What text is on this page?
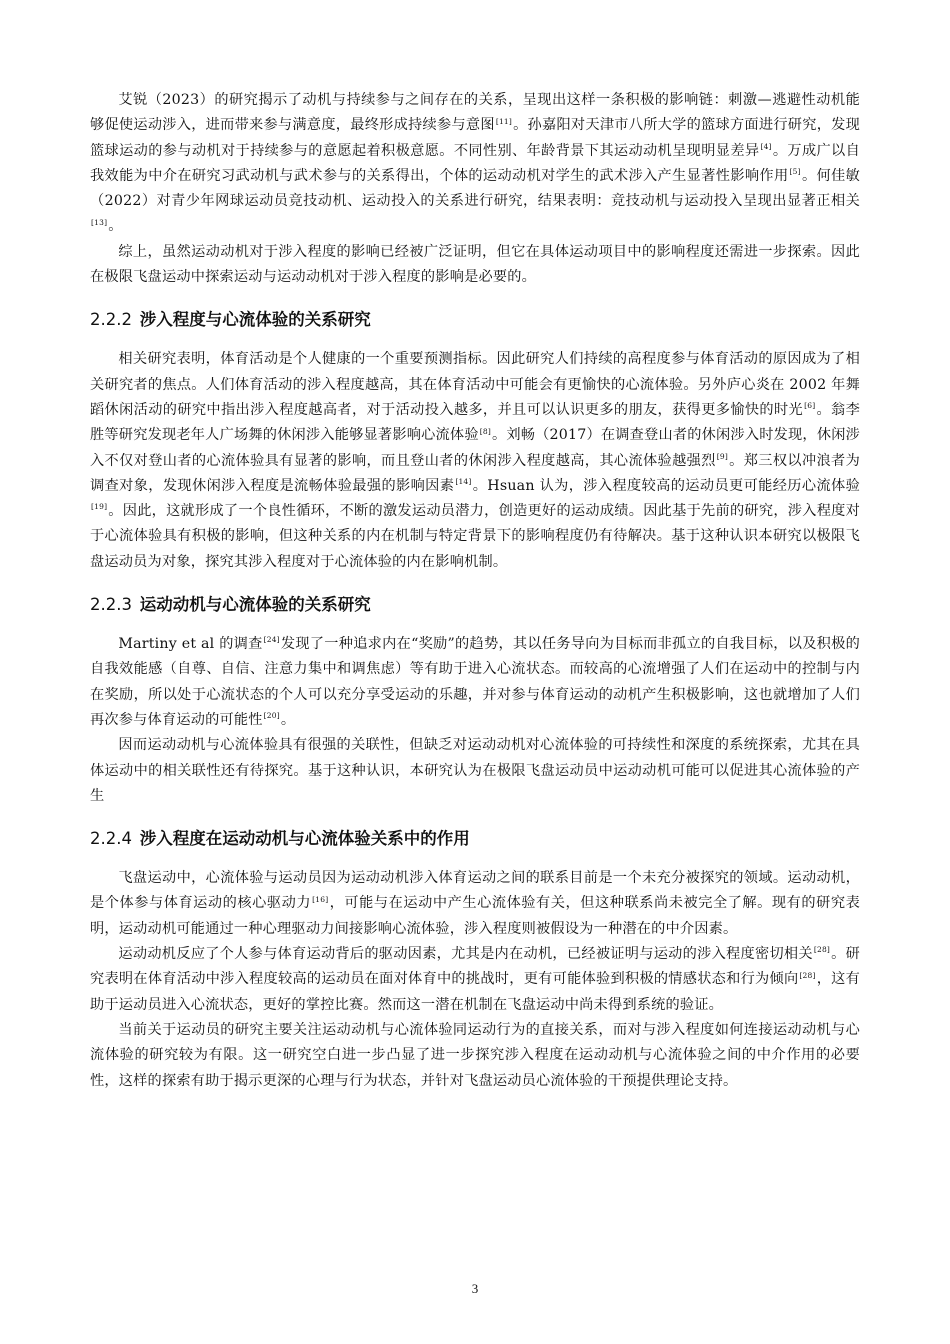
艾锐（2023）的研究揭示了动机与持续参与之间存在的关系，呈现出这样一条积极的影响链：刺激—逃避性动机能够促使运动涉入，进而带来参与满意度，最终形成持续参与意图[11]。孙嘉阳对天津市八所大学的篮球方面进行研究，发现篮球运动的参与动机对于持续参与的意愿起着积极意愿。不同性别、年龄背景下其运动动机呈现明显差异[4]。万成广以自我效能为中介在研究习武动机与武术参与的关系得出，个体的运动动机对学生的武术涉入产生显著性影响作用[5]。何佳敏（2022）对青少年网球运动员竞技动机、运动投入的关系进行研究，结果表明：竞技动机与运动投入呈现出显著正相关[13]。

综上，虽然运动动机对于涉入程度的影响已经被广泛证明，但它在具体运动项目中的影响程度还需进一步探索。因此在极限飞盘运动中探索运动与运动动机对于涉入程度的影响是必要的。

2.2.2 涉入程度与心流体验的关系研究

相关研究表明，体育活动是个人健康的一个重要预测指标。因此研究人们持续的高程度参与体育活动的原因成为了相关研究者的焦点。人们体育活动的涉入程度越高，其在体育活动中可能会有更愉快的心流体验。另外庐心炎在 2002 年舞蹈休闲活动的研究中指出涉入程度越高者，对于活动投入越多，并且可以认识更多的朋友，获得更多愉快的时光[6]。翁李胜等研究发现老年人广场舞的休闲涉入能够显著影响心流体验[8]。刘畅（2017）在调查登山者的休闲涉入时发现，休闲涉入不仅对登山者的心流体验具有显著的影响，而且登山者的休闲涉入程度越高，其心流体验越强烈[9]。郑三权以冲浪者为调查对象，发现休闲涉入程度是流畅体验最强的影响因素[14]。Hsuan 认为，涉入程度较高的运动员更可能经历心流体验[19]。因此，这就形成了一个良性循环，不断的激发运动员潜力，创造更好的运动成绩。因此基于先前的研究，涉入程度对于心流体验具有积极的影响，但这种关系的内在机制与特定背景下的影响程度仍有待解决。基于这种认识本研究以极限飞盘运动员为对象，探究其涉入程度对于心流体验的内在影响机制。

2.2.3 运动动机与心流体验的关系研究

Martiny et al 的调查[24]发现了一种追求内在“奖励”的趋势，其以任务导向为目标而非孤立的自我目标，以及积极的自我效能感（自尊、自信、注意力集中和调焦虑）等有助于进入心流状态。而较高的心流增强了人们在运动中的控制与内在奖励，所以处于心流状态的个人可以充分享受运动的乐趣，并对参与体育运动的动机产生积极影响，这也就增加了人们再次参与体育运动的可能性[20]。

因而运动动机与心流体验具有很强的关联性，但缺乏对运动动机对心流体验的可持续性和深度的系统探索，尤其在具体运动中的相关联性还有待探究。基于这种认识，本研究认为在极限飞盘运动员中运动动机可能可以促进其心流体验的产生

2.2.4 涉入程度在运动动机与心流体验关系中的作用

飞盘运动中，心流体验与运动员因为运动动机涉入体育运动之间的联系目前是一个未充分被探究的领域。运动动机，是个体参与体育运动的核心驱动力[16]，可能与在运动中产生心流体验有关，但这种联系尚未被完全了解。现有的研究表明，运动动机可能通过一种心理驱动力间接影响心流体验，涉入程度则被假设为一种潜在的中介因素。

运动动机反应了个人参与体育运动背后的驱动因素，尤其是内在动机，已经被证明与运动的涉入程度密切相关[28]。研究表明在体育活动中涉入程度较高的运动员在面对体育中的挑战时，更有可能体验到积极的情感状态和行为倾向[28]，这有助于运动员进入心流状态，更好的掌控比赛。然而这一潜在机制在飞盘运动中尚未得到系统的验证。

当前关于运动员的研究主要关注运动动机与心流体验同运动行为的直接关系，而对与涉入程度如何连接运动动机与心流体验的研究较为有限。这一研究空白进一步凸显了进一步探究涉入程度在运动动机与心流体验之间的中介作用的必要性，这样的探索有助于揭示更深的心理与行为状态，并针对飞盘运动员心流体验的干预提供理论支持。

3
